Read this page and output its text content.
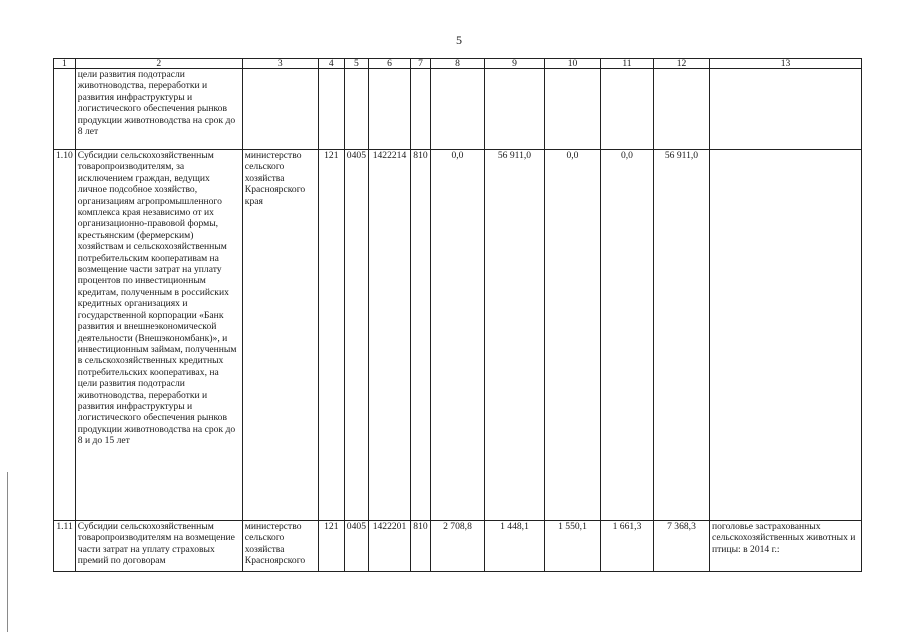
5
1	2	3	4	5	6	7	8	9	10	11	12	13
	цели развития подотрасли животноводства, переработки и развития инфраструктуры и логистического обеспечения рынков продукции животноводства на срок до 8 лет											
1.10	Субсидии сельскохозяйственным товаропроизводителям, за исключением граждан, ведущих личное подсобное хозяйство, организациям агропромышленного комплекса края независимо от их организационно-правовой формы, крестьянским (фермерским) хозяйствам и сельскохозяйственным потребительским кооперативам на возмещение части затрат на уплату процентов по инвестиционным кредитам, полученным в российских кредитных организациях и государственной корпорации «Банк развития и внешнеэкономической деятельности (Внешэкономбанк)», и инвестиционным займам, полученным в сельскохозяйственных кредитных потребительских кооперативах, на цели развития подотрасли животноводства, переработки и развития инфраструктуры и логистического обеспечения рынков продукции животноводства на срок до 8 и до 15 лет	министерство сельского хозяйства Красноярского края	121	0405	1422214	810	0,0	56 911,0	0,0	0,0	56 911,0	
1.11	Субсидии сельскохозяйственным товаропроизводителям на возмещение части затрат на уплату страховых премий по договорам	министерство сельского хозяйства Красноярского	121	0405	1422201	810	2 708,8	1 448,1	1 550,1	1 661,3	7 368,3	поголовье застрахованных сельскохозяйственных животных и птицы: в 2014 г.:
